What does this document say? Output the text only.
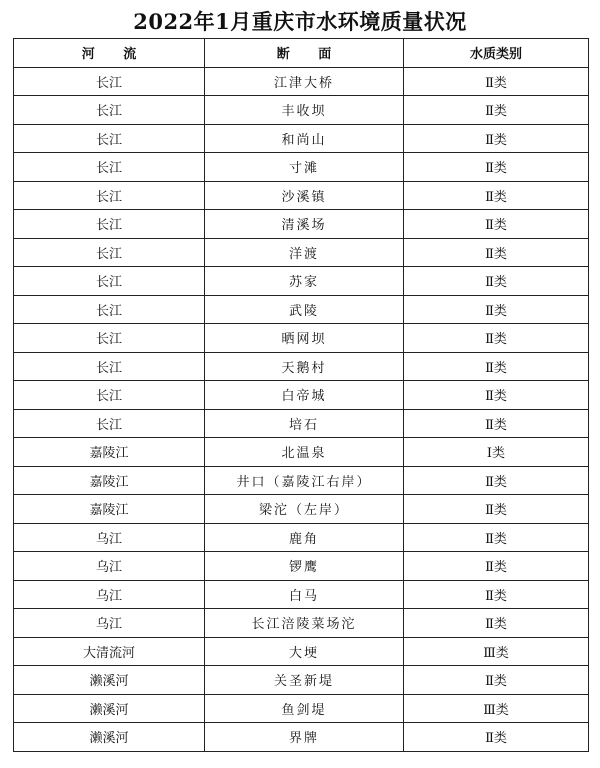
2022年1月重庆市水环境质量状况
河 流	断 面	水质类别
长江	江津大桥	Ⅱ类
长江	丰收坝	Ⅱ类
长江	和尚山	Ⅱ类
长江	寸滩	Ⅱ类
长江	沙溪镇	Ⅱ类
长江	清溪场	Ⅱ类
长江	洋渡	Ⅱ类
长江	苏家	Ⅱ类
长江	武陵	Ⅱ类
长江	晒网坝	Ⅱ类
长江	天鹅村	Ⅱ类
长江	白帝城	Ⅱ类
长江	培石	Ⅱ类
嘉陵江	北温泉	Ⅰ类
嘉陵江	井口（嘉陵江右岸）	Ⅱ类
嘉陵江	梁沱（左岸）	Ⅱ类
乌江	鹿角	Ⅱ类
乌江	锣鹰	Ⅱ类
乌江	白马	Ⅱ类
乌江	长江涪陵菜场沱	Ⅱ类
大清流河	大埂	Ⅲ类
濑溪河	关圣新堤	Ⅱ类
濑溪河	鱼剑堤	Ⅲ类
濑溪河	界牌	Ⅱ类
